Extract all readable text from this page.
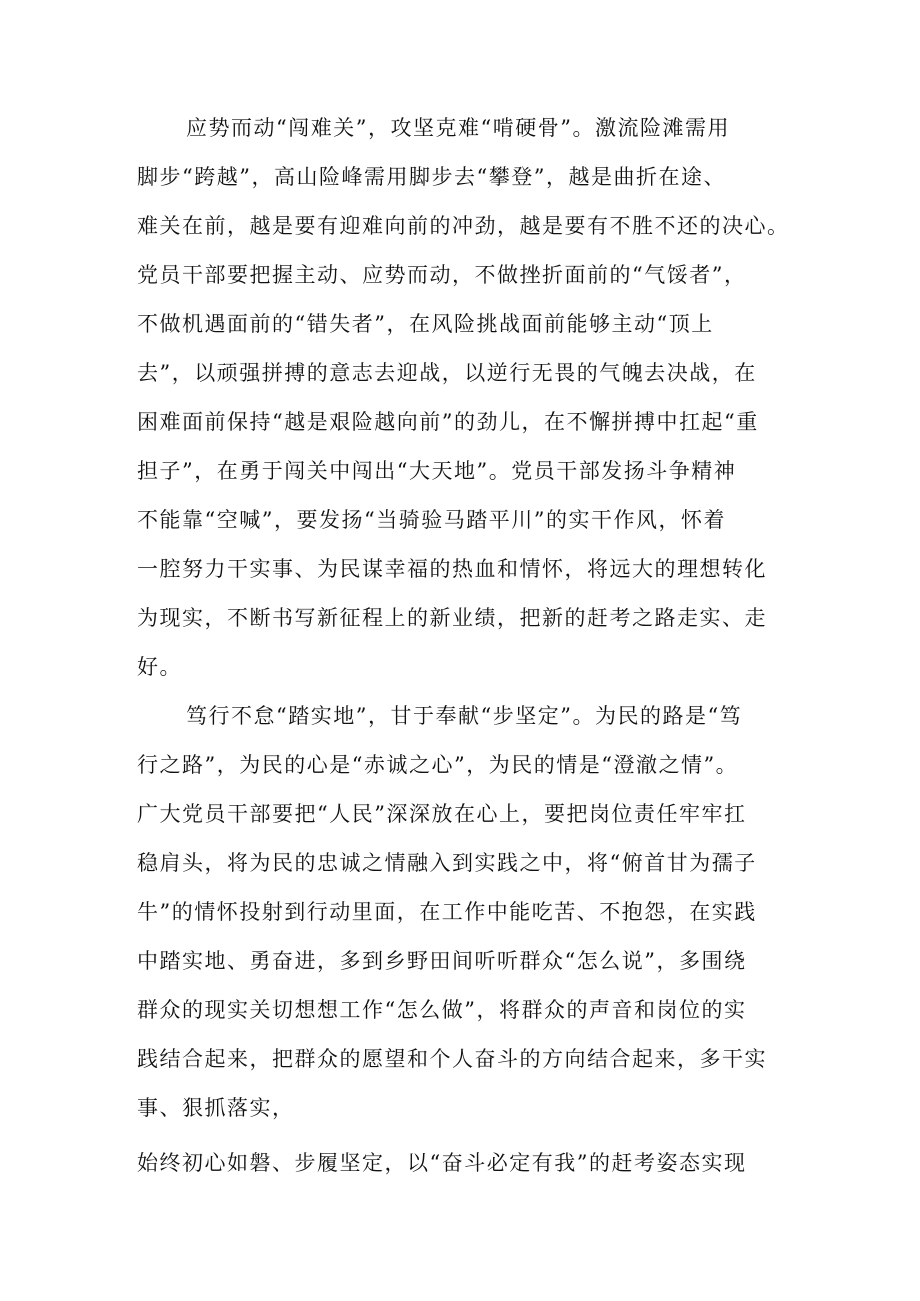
应势而动“闯难关”，攻坚克难“啃硬骨”。激流险滩需用
脚步“跨越”，高山险峰需用脚步去“攀登”，越是曲折在途、
难关在前，越是要有迎难向前的冲劲，越是要有不胜不还的决心。
党员干部要把握主动、应势而动，不做挫折面前的“气馁者”，
不做机遇面前的“错失者”，在风险挑战面前能够主动“顶上
去”，以顽强拼搏的意志去迎战，以逆行无畏的气魄去决战，在
困难面前保持“越是艰险越向前”的劲儿，在不懈拼搏中扛起“重
担子”，在勇于闯关中闯出“大天地”。党员干部发扬斗争精神
不能靠“空喊”，要发扬“当骑验马踏平川”的实干作风，怀着
一腔努力干实事、为民谋幸福的热血和情怀，将远大的理想转化
为现实，不断书写新征程上的新业绩，把新的赶考之路走实、走
好。
笃行不怠“踏实地”，甘于奉献“步坚定”。为民的路是“笃
行之路”，为民的心是“赤诚之心”，为民的情是“澄澈之情”。
广大党员干部要把“人民”深深放在心上，要把岗位责任牢牢扛
稳肩头，将为民的忠诚之情融入到实践之中，将“俯首甘为孺子
牛”的情怀投射到行动里面，在工作中能吃苦、不抱怨，在实践
中踏实地、勇奋进，多到乡野田间听听群众“怎么说”，多围绕
群众的现实关切想想工作“怎么做”，将群众的声音和岗位的实
践结合起来，把群众的愿望和个人奋斗的方向结合起来，多干实
事、狠抓落实，
始终初心如磐、步履坚定，以“奋斗必定有我”的赶考姿态实现
